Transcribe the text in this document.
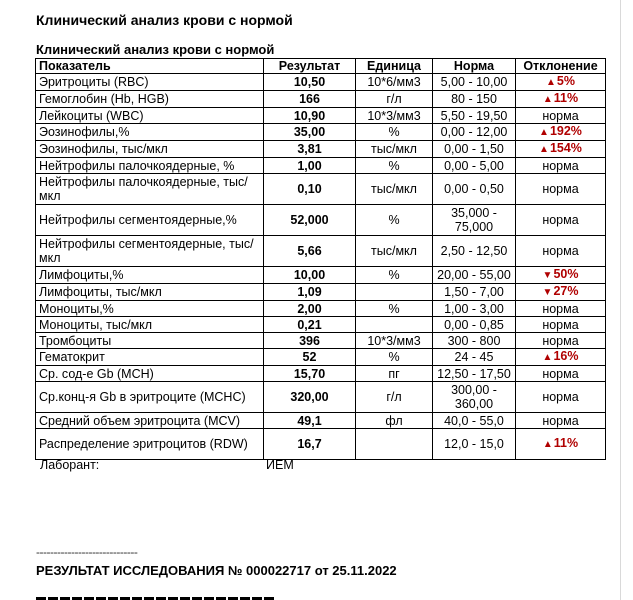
Клинический анализ крови с нормой
Клинический анализ крови с нормой
Показатель	Результат	Единица	Норма	Отклонение
Эритроциты (RBC)	10,50	10*6/мм3	5,00 - 10,00	▲5%
Гемоглобин (Hb, HGB)	166	г/л	80 - 150	▲11%
Лейкоциты (WBC)	10,90	10*3/мм3	5,50 - 19,50	норма
Эозинофилы,%	35,00	%	0,00 - 12,00	▲192%
Эозинофилы, тыс/мкл	3,81	тыс/мкл	0,00 - 1,50	▲154%
Нейтрофилы палочкоядерные, %	1,00	%	0,00 - 5,00	норма
Нейтрофилы палочкоядерные, тыс/мкл	0,10	тыс/мкл	0,00 - 0,50	норма
Нейтрофилы сегментоядерные,%	52,000	%	35,000 - 75,000	норма
Нейтрофилы сегментоядерные, тыс/мкл	5,66	тыс/мкл	2,50 - 12,50	норма
Лимфоциты,%	10,00	%	20,00 - 55,00	▼50%
Лимфоциты, тыс/мкл	1,09		1,50 - 7,00	▼27%
Моноциты,%	2,00	%	1,00 - 3,00	норма
Моноциты, тыс/мкл	0,21		0,00 - 0,85	норма
Тромбоциты	396	10*3/мм3	300 - 800	норма
Гематокрит	52	%	24 - 45	▲16%
Ср. сод-е Gb (MCH)	15,70	пг	12,50 - 17,50	норма
Ср.конц-я Gb в эритроците (MCHC)	320,00	г/л	300,00 - 360,00	норма
Средний объем эритроцита (MCV)	49,1	фл	40,0 - 55,0	норма
Распределение эритроцитов (RDW)	16,7		12,0 - 15,0	▲11%
Лаборант:	ИЕМ
-----------------------------
РЕЗУЛЬТАТ ИССЛЕДОВАНИЯ № 000022717 от 25.11.2022
